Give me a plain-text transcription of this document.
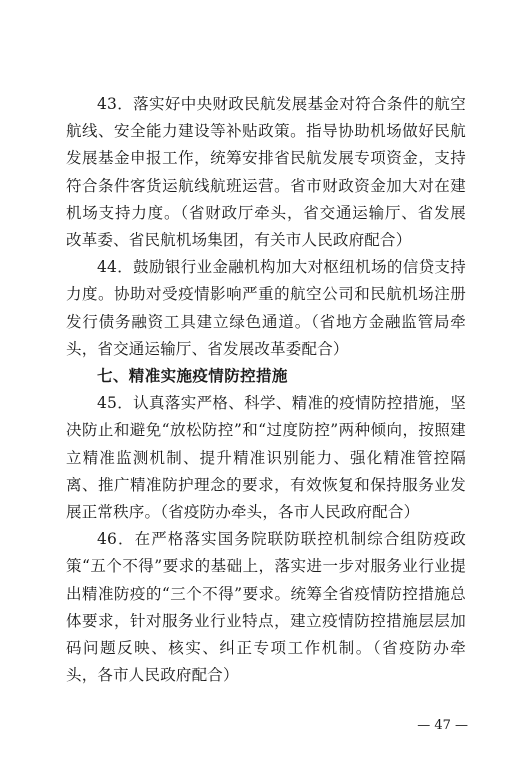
43．落实好中央财政民航发展基金对符合条件的航空航线、安全能力建设等补贴政策。指导协助机场做好民航发展基金申报工作，统筹安排省民航发展专项资金，支持符合条件客货运航线航班运营。省市财政资金加大对在建机场支持力度。（省财政厅牵头，省交通运输厅、省发展改革委、省民航机场集团，有关市人民政府配合）

44．鼓励银行业金融机构加大对枢纽机场的信贷支持力度。协助对受疫情影响严重的航空公司和民航机场注册发行债务融资工具建立绿色通道。（省地方金融监管局牵头，省交通运输厅、省发展改革委配合）

七、精准实施疫情防控措施

45．认真落实严格、科学、精准的疫情防控措施，坚决防止和避免“放松防控”和“过度防控”两种倾向，按照建立精准监测机制、提升精准识别能力、强化精准管控隔离、推广精准防护理念的要求，有效恢复和保持服务业发展正常秩序。（省疫防办牵头，各市人民政府配合）

46．在严格落实国务院联防联控机制综合组防疫政策“五个不得”要求的基础上，落实进一步对服务业行业提出精准防疫的“三个不得”要求。统筹全省疫情防控措施总体要求，针对服务业行业特点，建立疫情防控措施层层加码问题反映、核实、纠正专项工作机制。（省疫防办牵头，各市人民政府配合）

— 47 —
